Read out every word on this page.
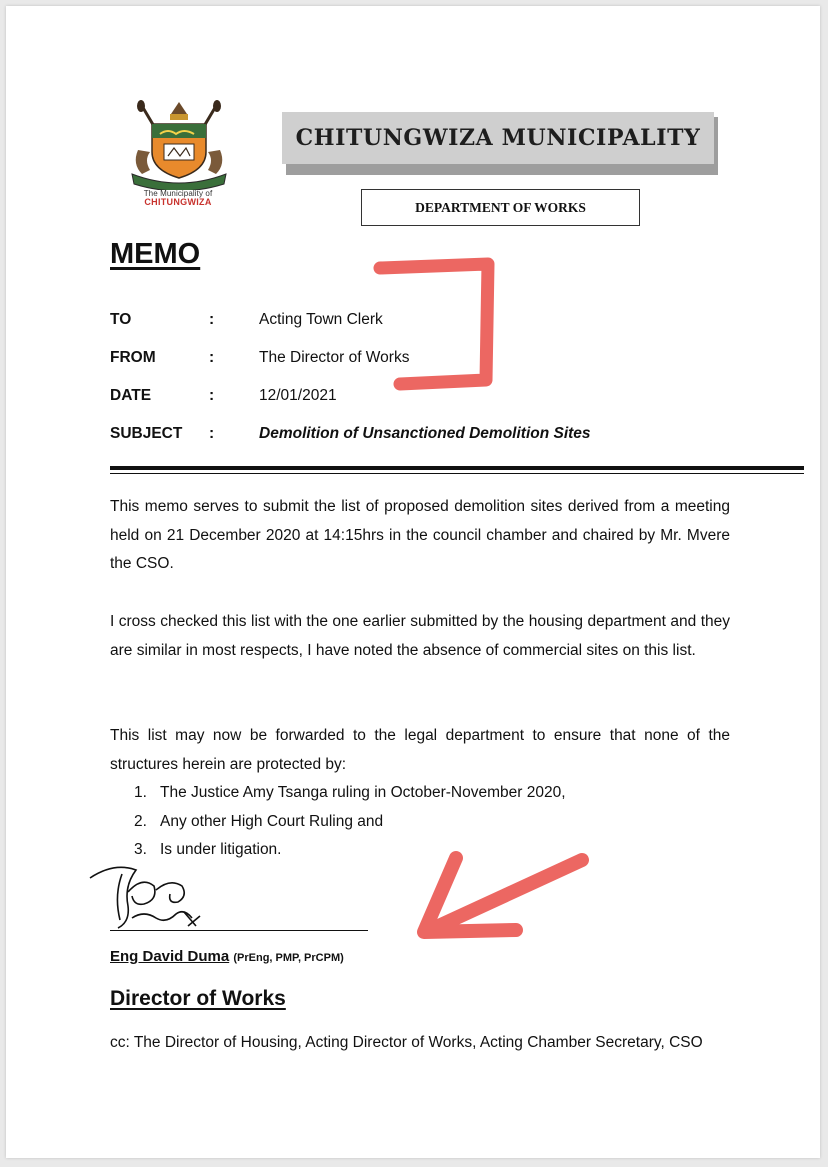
The Municipality of
CHITUNGWIZA
CHITUNGWIZA MUNICIPALITY
DEPARTMENT OF WORKS
MEMO
TO	:	Acting Town Clerk
FROM	:	The Director of Works
DATE	:	12/01/2021
SUBJECT :	Demolition of Unsanctioned Demolition Sites
This memo serves to submit the list of proposed demolition sites derived from a meeting held on 21 December 2020 at 14:15hrs in the council chamber and chaired by Mr. Mvere the CSO.
I cross checked this list with the one earlier submitted by the housing department and they are similar in most respects, I have noted the absence of commercial sites on this list.
This list may now be forwarded to the legal department to ensure that none of the structures herein are protected by:
1. The Justice Amy Tsanga ruling in October-November 2020,
2. Any other High Court Ruling and
3. Is under litigation.
Eng David Duma (PrEng, PMP, PrCPM)
Director of Works
cc: The Director of Housing, Acting Director of Works, Acting Chamber Secretary, CSO
